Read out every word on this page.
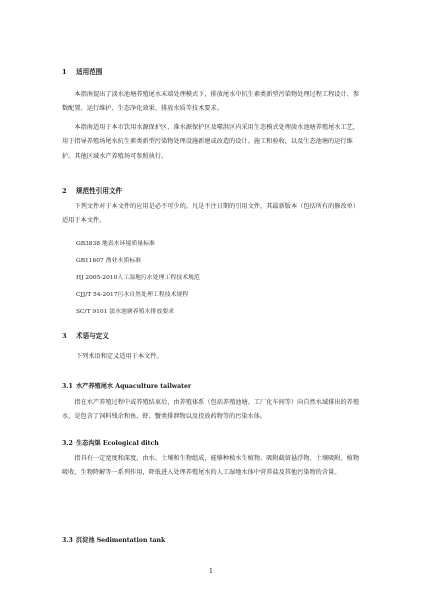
1 适用范围

本指南提出了淡水池塘养殖尾水末端处理模式下，排放尾水中抗生素类新型污染物处理过程工程设计、参数配置、运行维护、生态净化效果、排放水质等技术要求。

本指南适用于本市饮用水源保护区、准水源保护区及噬洪区内采用生态模式处理淡水池塘养殖尾水工艺，用于指导养殖场尾水抗生素类新型污染物处理设施新建或改造的设计、施工和验收，以及生态池塘的运行维护。其他区域水产养殖场可参照执行。

2 规范性引用文件

下列文件对于本文件的应用是必不可少的。凡是不注日期的引用文件，其最新版本（包括所有的修改单）适用于本文件。

GB3838 地表水环境质量标准
GB11607 渔业水质标准
HJ 2005-2010人工湿地污水处理工程技术规范
CJJ/T 54-2017污水自然处理工程技术规程
SC/T 9101 淡水池塘养殖水排放要求
3 术语与定义
下列术语和定义适用于本文件。
3.1 水产养殖尾水 Aquaculture tailwater

指在水产养殖过程中或养殖结束后，由养殖体系（包括养殖池塘、工厂化车间等）向自然水域排出的养殖水，是包含了饲料残余和鱼、虾、蟹类排泄物以及投放药物等的污染水体。

3.2 生态沟渠 Ecological ditch

指具有一定宽度和深度，由水、土壤和生物组成，能够种植水生植物、吸附截留悬浮物、土壤吸附、植物吸收、生物降解等一系列作用，降低进入处理养殖尾水的人工湿地水体中营养盐及其他污染物的含量。

3.3 沉淀池 Sedimentation tank
1
